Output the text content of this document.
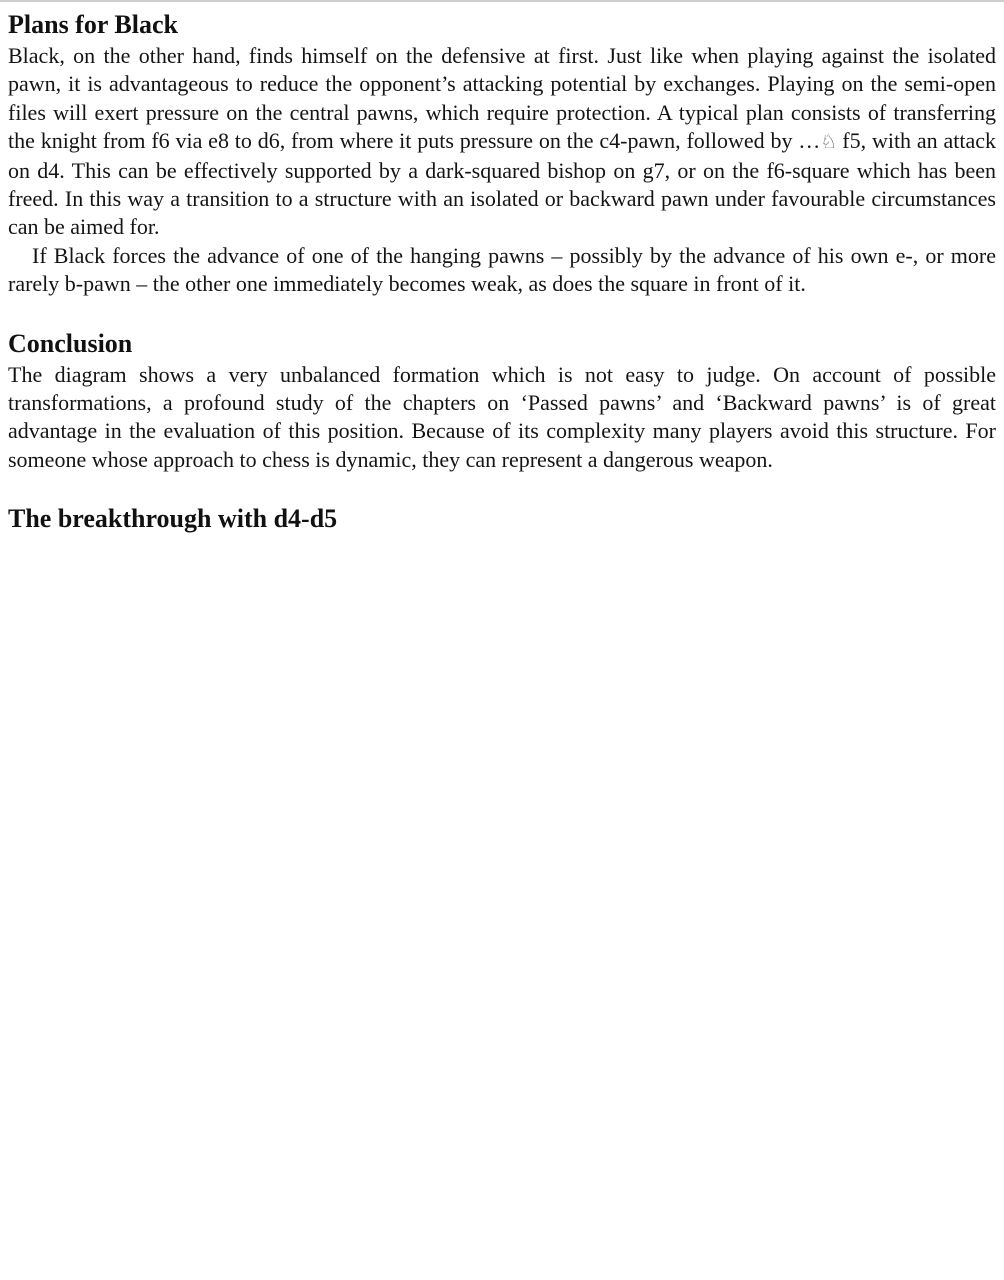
Plans for Black

Black, on the other hand, finds himself on the defensive at first. Just like when playing against the isolated pawn, it is advantageous to reduce the opponent’s attacking potential by exchanges. Playing on the semi-open files will exert pressure on the central pawns, which require protection. A typical plan consists of transferring the knight from f6 via e8 to d6, from where it puts pressure on the c4-pawn, followed by …♘ f5, with an attack on d4. This can be effectively supported by a dark-squared bishop on g7, or on the f6-square which has been freed. In this way a transition to a structure with an isolated or backward pawn under favourable circumstances can be aimed for.

If Black forces the advance of one of the hanging pawns – possibly by the advance of his own e-, or more rarely b-pawn – the other one immediately becomes weak, as does the square in front of it.

Conclusion

The diagram shows a very unbalanced formation which is not easy to judge. On account of possible transformations, a profound study of the chapters on ‘Passed pawns’ and ‘Backward pawns’ is of great advantage in the evaluation of this position. Because of its complexity many players avoid this structure. For someone whose approach to chess is dynamic, they can represent a dangerous weapon.

The breakthrough with d4-d5
